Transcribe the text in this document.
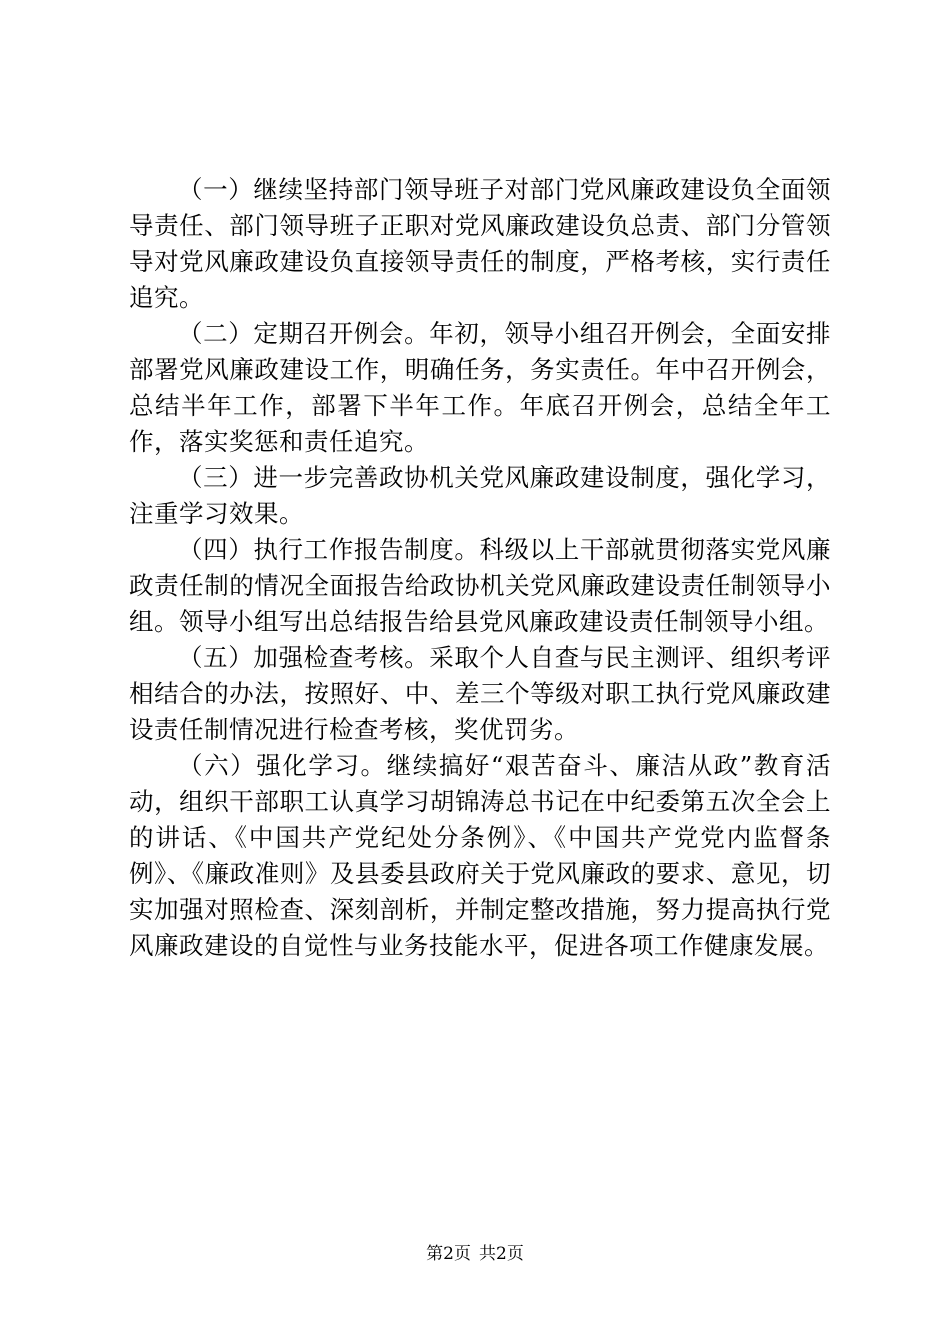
（一）继续坚持部门领导班子对部门党风廉政建设负全面领导责任、部门领导班子正职对党风廉政建设负总责、部门分管领导对党风廉政建设负直接领导责任的制度，严格考核，实行责任追究。

（二）定期召开例会。年初，领导小组召开例会，全面安排部署党风廉政建设工作，明确任务，务实责任。年中召开例会，总结半年工作，部署下半年工作。年底召开例会，总结全年工作，落实奖惩和责任追究。

（三）进一步完善政协机关党风廉政建设制度，强化学习，注重学习效果。

（四）执行工作报告制度。科级以上干部就贯彻落实党风廉政责任制的情况全面报告给政协机关党风廉政建设责任制领导小组。领导小组写出总结报告给县党风廉政建设责任制领导小组。

（五）加强检查考核。采取个人自查与民主测评、组织考评相结合的办法，按照好、中、差三个等级对职工执行党风廉政建设责任制情况进行检查考核，奖优罚劣。

（六）强化学习。继续搞好“艰苦奋斗、廉洁从政”教育活动，组织干部职工认真学习胡锦涛总书记在中纪委第五次全会上的讲话、《中国共产党纪处分条例》、《中国共产党党内监督条例》、《廉政准则》及县委县政府关于党风廉政的要求、意见，切实加强对照检查、深刻剖析，并制定整改措施，努力提高执行党风廉政建设的自觉性与业务技能水平，促进各项工作健康发展。

第2页 共2页
